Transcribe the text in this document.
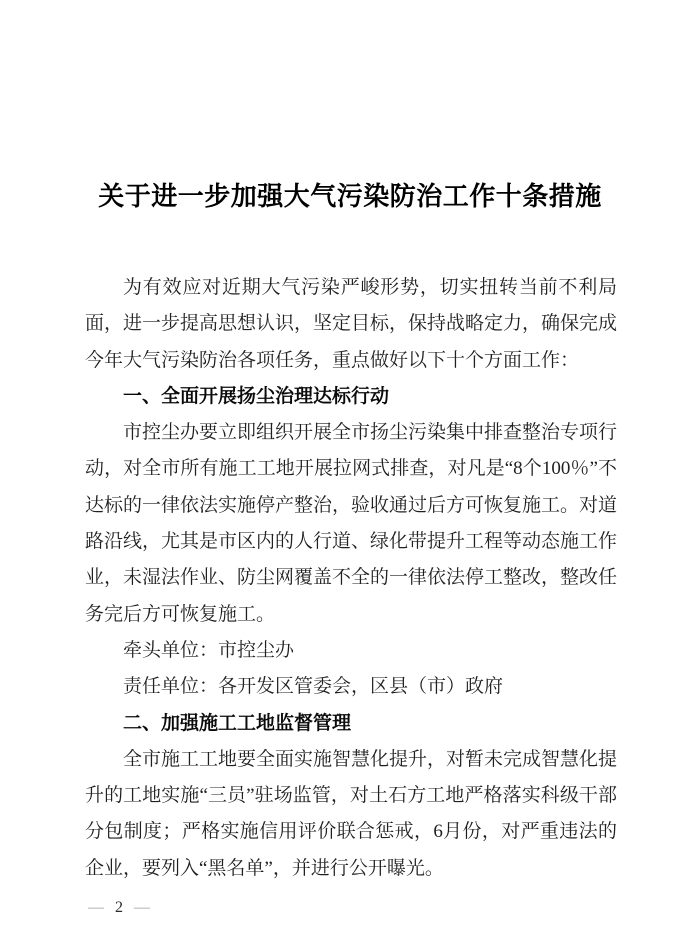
关于进一步加强大气污染防治工作十条措施

为有效应对近期大气污染严峻形势，切实扭转当前不利局面，进一步提高思想认识，坚定目标，保持战略定力，确保完成今年大气污染防治各项任务，重点做好以下十个方面工作：

一、全面开展扬尘治理达标行动

市控尘办要立即组织开展全市扬尘污染集中排查整治专项行动，对全市所有施工工地开展拉网式排查，对凡是“8个100％”不达标的一律依法实施停产整治，验收通过后方可恢复施工。对道路沿线，尤其是市区内的人行道、绿化带提升工程等动态施工作业，未湿法作业、防尘网覆盖不全的一律依法停工整改，整改任务完后方可恢复施工。

牵头单位：市控尘办

责任单位：各开发区管委会，区县（市）政府

二、加强施工工地监督管理

全市施工工地要全面实施智慧化提升，对暂未完成智慧化提升的工地实施“三员”驻场监管，对土石方工地严格落实科级干部分包制度；严格实施信用评价联合惩戒，6月份，对严重违法的企业，要列入“黑名单”，并进行公开曝光。

— 2 —
